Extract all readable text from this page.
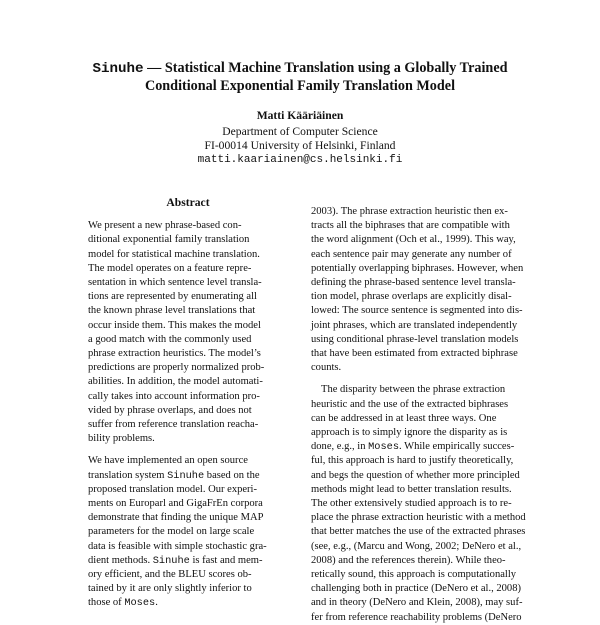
Sinuhe — Statistical Machine Translation using a Globally Trained
Conditional Exponential Family Translation Model
Matti Kääriäinen
Department of Computer Science
FI-00014 University of Helsinki, Finland
matti.kaariainen@cs.helsinki.fi
Abstract

We present a new phrase-based con-

ditional exponential family translation

model for statistical machine translation.

The model operates on a feature repre-

sentation in which sentence level transla-

tions are represented by enumerating all

the known phrase level translations that

occur inside them. This makes the model

a good match with the commonly used

phrase extraction heuristics. The model’s

predictions are properly normalized prob-

abilities. In addition, the model automati-

cally takes into account information pro-

vided by phrase overlaps, and does not

suffer from reference translation reacha-

bility problems.

We have implemented an open source

translation system Sinuhe based on the

proposed translation model. Our experi-

ments on Europarl and GigaFrEn corpora

demonstrate that finding the unique MAP

parameters for the model on large scale

data is feasible with simple stochastic gra-

dient methods. Sinuhe is fast and mem-

ory efficient, and the BLEU scores ob-

tained by it are only slightly inferior to

those of Moses.

2003). The phrase extraction heuristic then ex-

tracts all the biphrases that are compatible with

the word alignment (Och et al., 1999). This way,

each sentence pair may generate any number of

potentially overlapping biphrases. However, when

defining the phrase-based sentence level transla-

tion model, phrase overlaps are explicitly disal-

lowed: The source sentence is segmented into dis-

joint phrases, which are translated independently

using conditional phrase-level translation models

that have been estimated from extracted biphrase

counts.

The disparity between the phrase extraction

heuristic and the use of the extracted biphrases

can be addressed in at least three ways. One

approach is to simply ignore the disparity as is

done, e.g., in Moses. While empirically succes-

ful, this approach is hard to justify theoretically,

and begs the question of whether more principled

methods might lead to better translation results.

The other extensively studied approach is to re-

place the phrase extraction heuristic with a method

that better matches the use of the extracted phrases

(see, e.g., (Marcu and Wong, 2002; DeNero et al.,

2008) and the references therein). While theo-

retically sound, this approach is computationally

challenging both in practice (DeNero et al., 2008)

and in theory (DeNero and Klein, 2008), may suf-

fer from reference reachability problems (DeNero
